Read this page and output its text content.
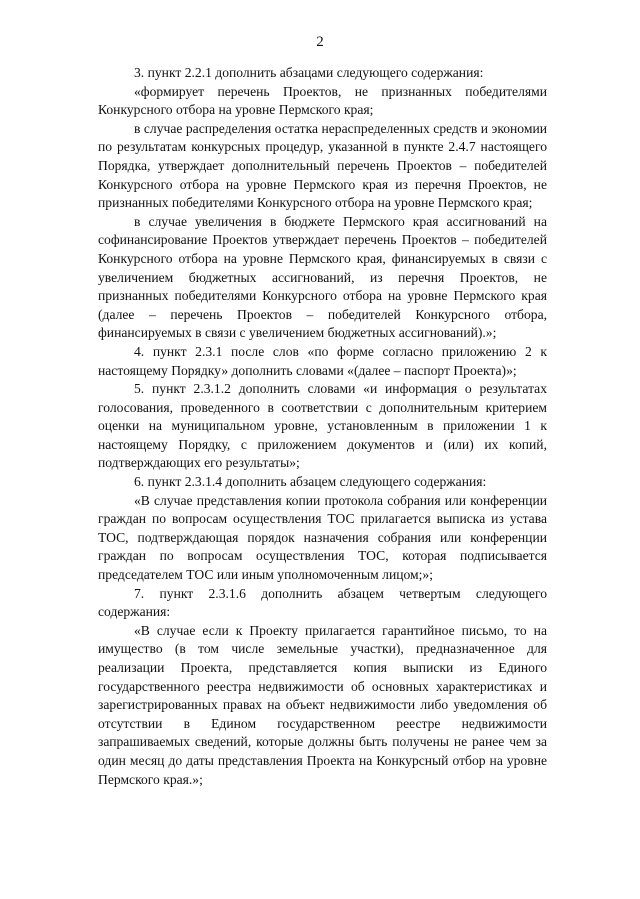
2

3. пункт 2.2.1 дополнить абзацами следующего содержания:

«формирует перечень Проектов, не признанных победителями Конкурсного отбора на уровне Пермского края;

в случае распределения остатка нераспределенных средств и экономии по результатам конкурсных процедур, указанной в пункте 2.4.7 настоящего Порядка, утверждает дополнительный перечень Проектов – победителей Конкурсного отбора на уровне Пермского края из перечня Проектов, не признанных победителями Конкурсного отбора на уровне Пермского края;

в случае увеличения в бюджете Пермского края ассигнований на софинансирование Проектов утверждает перечень Проектов – победителей Конкурсного отбора на уровне Пермского края, финансируемых в связи с увеличением бюджетных ассигнований, из перечня Проектов, не признанных победителями Конкурсного отбора на уровне Пермского края (далее – перечень Проектов – победителей Конкурсного отбора, финансируемых в связи с увеличением бюджетных ассигнований).»;

4. пункт 2.3.1 после слов «по форме согласно приложению 2 к настоящему Порядку» дополнить словами «(далее – паспорт Проекта)»;

5. пункт 2.3.1.2 дополнить словами «и информация о результатах голосования, проведенного в соответствии с дополнительным критерием оценки на муниципальном уровне, установленным в приложении 1 к настоящему Порядку, с приложением документов и (или) их копий, подтверждающих его результаты»;

6. пункт 2.3.1.4 дополнить абзацем следующего содержания:

«В случае представления копии протокола собрания или конференции граждан по вопросам осуществления ТОС прилагается выписка из устава ТОС, подтверждающая порядок назначения собрания или конференции граждан по вопросам осуществления ТОС, которая подписывается председателем ТОС или иным уполномоченным лицом;»;

7. пункт 2.3.1.6 дополнить абзацем четвертым следующего содержания:

«В случае если к Проекту прилагается гарантийное письмо, то на имущество (в том числе земельные участки), предназначенное для реализации Проекта, представляется копия выписки из Единого государственного реестра недвижимости об основных характеристиках и зарегистрированных правах на объект недвижимости либо уведомления об отсутствии в Едином государственном реестре недвижимости запрашиваемых сведений, которые должны быть получены не ранее чем за один месяц до даты представления Проекта на Конкурсный отбор на уровне Пермского края.»;
